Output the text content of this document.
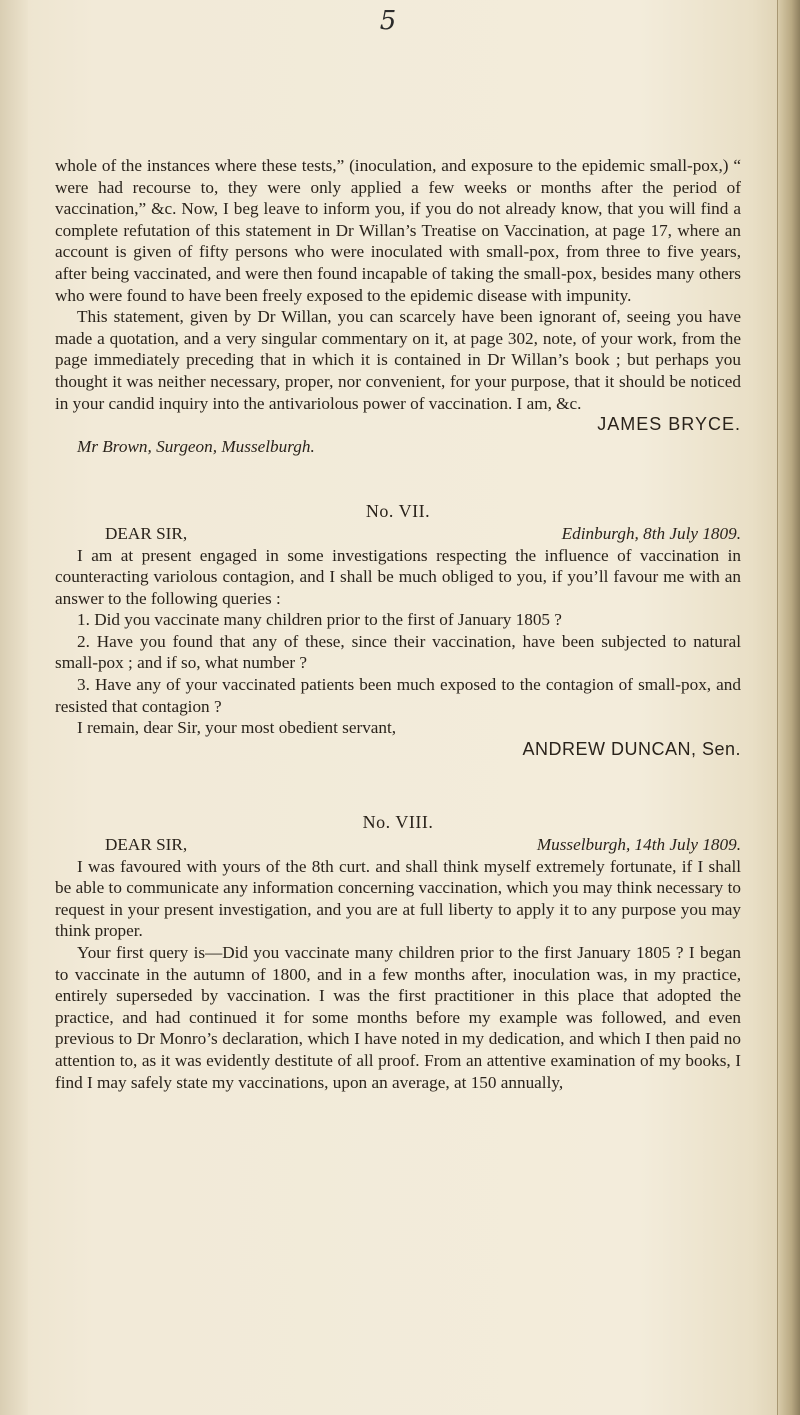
5

whole of the instances where these tests,” (inoculation, and exposure to the epidemic small-pox,) “ were had recourse to, they were only applied a few weeks or months after the period of vaccination,” &c. Now, I beg leave to inform you, if you do not already know, that you will find a complete refutation of this statement in Dr Willan’s Treatise on Vaccination, at page 17, where an account is given of fifty persons who were inoculated with small-pox, from three to five years, after being vaccinated, and were then found incapable of taking the small-pox, besides many others who were found to have been freely exposed to the epidemic disease with impunity.

This statement, given by Dr Willan, you can scarcely have been ignorant of, seeing you have made a quotation, and a very singular commentary on it, at page 302, note, of your work, from the page immediately preceding that in which it is contained in Dr Willan’s book ; but perhaps you thought it was neither necessary, proper, nor convenient, for your purpose, that it should be noticed in your candid inquiry into the antivariolous power of vaccination. I am, &c.

JAMES BRYCE.

Mr Brown, Surgeon, Musselburgh.

No. VII.

DEAR SIR,	Edinburgh, 8th July 1809.

I am at present engaged in some investigations respecting the influence of vaccination in counteracting variolous contagion, and I shall be much obliged to you, if you’ll favour me with an answer to the following queries :

1. Did you vaccinate many children prior to the first of January 1805 ?

2. Have you found that any of these, since their vaccination, have been subjected to natural small-pox ; and if so, what number ?

3. Have any of your vaccinated patients been much exposed to the contagion of small-pox, and resisted that contagion ?

I remain, dear Sir, your most obedient servant,

ANDREW DUNCAN, Sen.

No. VIII.

DEAR SIR,	Musselburgh, 14th July 1809.

I was favoured with yours of the 8th curt. and shall think myself extremely fortunate, if I shall be able to communicate any information concerning vaccination, which you may think necessary to request in your present investigation, and you are at full liberty to apply it to any purpose you may think proper.

Your first query is—Did you vaccinate many children prior to the first January 1805 ? I began to vaccinate in the autumn of 1800, and in a few months after, inoculation was, in my practice, entirely superseded by vaccination. I was the first practitioner in this place that adopted the practice, and had continued it for some months before my example was followed, and even previous to Dr Monro’s declaration, which I have noted in my dedication, and which I then paid no attention to, as it was evidently destitute of all proof. From an attentive examination of my books, I find I may safely state my vaccinations, upon an average, at 150 annually,
